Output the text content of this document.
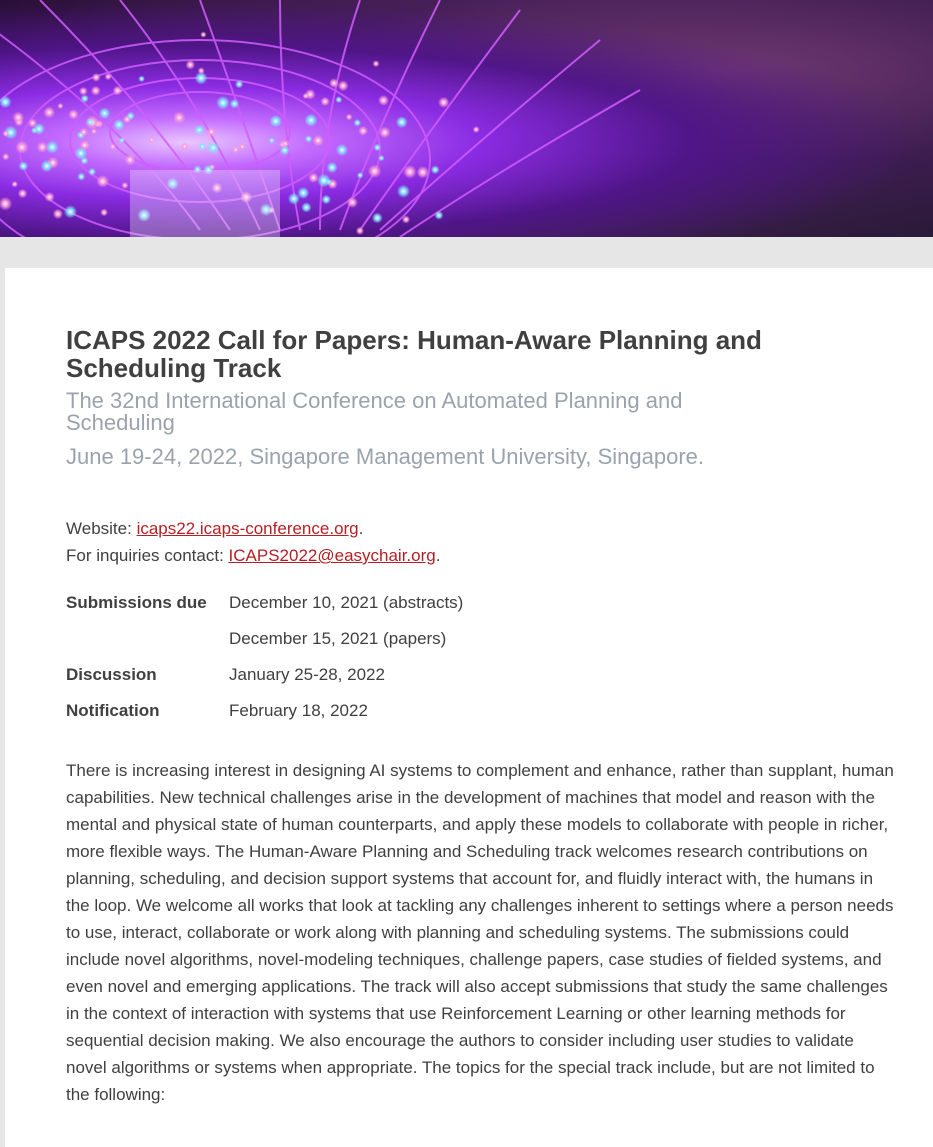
ICAPS 2022 Call for Papers: Human-Aware Planning and Scheduling Track
The 32nd International Conference on Automated Planning and Scheduling
June 19-24, 2022, Singapore Management University, Singapore.
Website: icaps22.icaps-conference.org.
For inquiries contact: ICAPS2022@easychair.org.
Submissions due	December 10, 2021 (abstracts)
	December 15, 2021 (papers)
Discussion	January 25-28, 2022
Notification	February 18, 2022

There is increasing interest in designing AI systems to complement and enhance, rather than supplant, human capabilities. New technical challenges arise in the development of machines that model and reason with the mental and physical state of human counterparts, and apply these models to collaborate with people in richer, more flexible ways. The Human-Aware Planning and Scheduling track welcomes research contributions on planning, scheduling, and decision support systems that account for, and fluidly interact with, the humans in the loop. We welcome all works that look at tackling any challenges inherent to settings where a person needs to use, interact, collaborate or work along with planning and scheduling systems. The submissions could include novel algorithms, novel-modeling techniques, challenge papers, case studies of fielded systems, and even novel and emerging applications. The track will also accept submissions that study the same challenges in the context of interaction with systems that use Reinforcement Learning or other learning methods for sequential decision making. We also encourage the authors to consider including user studies to validate novel algorithms or systems when appropriate. The topics for the special track include, but are not limited to the following:
